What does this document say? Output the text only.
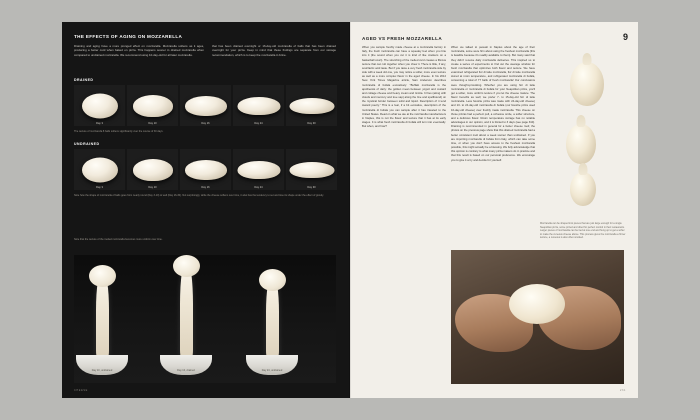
THE EFFECTS OF AGING ON MOZZARELLA
Draining and aging have a more pronged effect on mozzarella. Mozzarella softens as it ages, producing a better curd when baked on pizza. This happens sooner in drained mozzarella when compared to undrained mozzarella. We recommend using 10-day-old for all later mozzarella.
that has been drained overnight or 16-day-old mozzarella of balls that has been drained overnight for your pizza. Keep in mind that these findings are separate from our storage recommendation, which is to keep the mozzarella in brine.
DRAINED
Day 3	Day 10	Day 16	Day 24	Day 30
The texture of mozzarella 8 balls softens significantly over the course of 30 days.
UNDRAINED
Day 3	Day 10	Day 16	Day 24	Day 30
Note how the shape of mozzarella of balls goes from nearly round (Day 3-10) to well (Day 16-30). Not surprisingly, while the cheese softens over time, it also has the tendency to set and lose its shape under the effect of gravity.
Note that the texture of the melted mozzarella becomes more uniform over time.
Day 10, undrained	Day 10, drained	Day 24, undrained
CHEESE
9
AGED VS FRESH MOZZARELLA
When you sample freshly made cheese at a mozzarella factory in Italy, the fresh mozzarella can have a squeaky feel when you bite into it (the sound when you cut it is kind of like crackers on a basketball court). The stretching of the melted curd creates a fibrous texture that can rub together when you chew it. There is little, if any, sour/lactic acid taste. But if you taste a very fresh mozzarella side by side with a week old one, you may notice a softer, more even texture as well as a more complex flavor in the aged cheese. In his 2012 New York Times Magazine article, Sam Anderson describes mozzarella di bufala evocatively: "Buffalo mozzarella is the apotheosis of dairy: the golden mean between yogurt and custard and cottage cheese and heavy cream and ricotta. It fries (along with clouds and mercury and tree sap) along the line and spellbound) on the mystical border between solid and liquid. Description of it tend toward poetry." This is a fear, if a bit evocative, description of the mozzarella di bufala you can sample after it has traveled to the United States. Read on what we ate at the mozzarella manufacturers in Naples, this is not the flavor and texture that it has at its early stages. It is what fresh mozzarella di bufala will turn into eventually. But when, and how?
When we talked to pesuali in Naples about the age of their mozzarella, some were firm about using the freshest mozzarella (this is feasible because it's readily available to them). But many said that they didn't receive daily mozzarella deliveries. This inspired us to create a series of experiments to find out the average window for fresh mozzarella that optimizes both flavor and texture. We have examined refrigerated fior di latte mozzarella, fior di latte mozzarella stored at room temperature, and refrigerated mozzarella di bufala, consuming a total of 77 balls of fresh mozzarella! Our conclusions were thought-provoking. Whether you are using fior di latte mozzarella or mozzarella di bufala for your Neapolitan pizza, you'll get a softer, more uniform texture if you let the cheese mature. The flavor benefits as well; we prefer 7- to 15-day-old fior di latte mozzarella. Less favorite pizza was made with 24-day-old cheese) and 10- to 24-day-old mozzarella di bufala (our favorite pizza used 16-day-old cheese) over freshly made mozzarella. This cheese on those pizzas had a perfect pull, a cohesive smile, a softer structure, and a delicious flavor. Room temperature storage has no notable advantages in our opinion, and it is limited to 3 days (see page 310). Draining is recommended in general for a better cheese melt; the photos on the previous page show that this drained mozzarella had a better consistent melt about a week sooner than undrained. If you are importing mozzarella di bufala from Italy, which can take some time, or when you don't have access to the freshest mozzarella possible, this might actually be a blessing. We fully acknowledge that this opinion is contrary to what many pizza makers do in practice and that this result is based on our personal preference. We encourage you to give it a try and decide for yourself.
Mozzarella can be shaped into pieces that are just large enough for a single Neapolitan pizza, some prized and dried for perfect control in their restaurants. Larger pieces of mozzarella can be tied at one end and hung up to get a softer to make the cuneous cheese above. This process gives the mozzarella a firmer texture, a cuneous is also often smoked.
231
